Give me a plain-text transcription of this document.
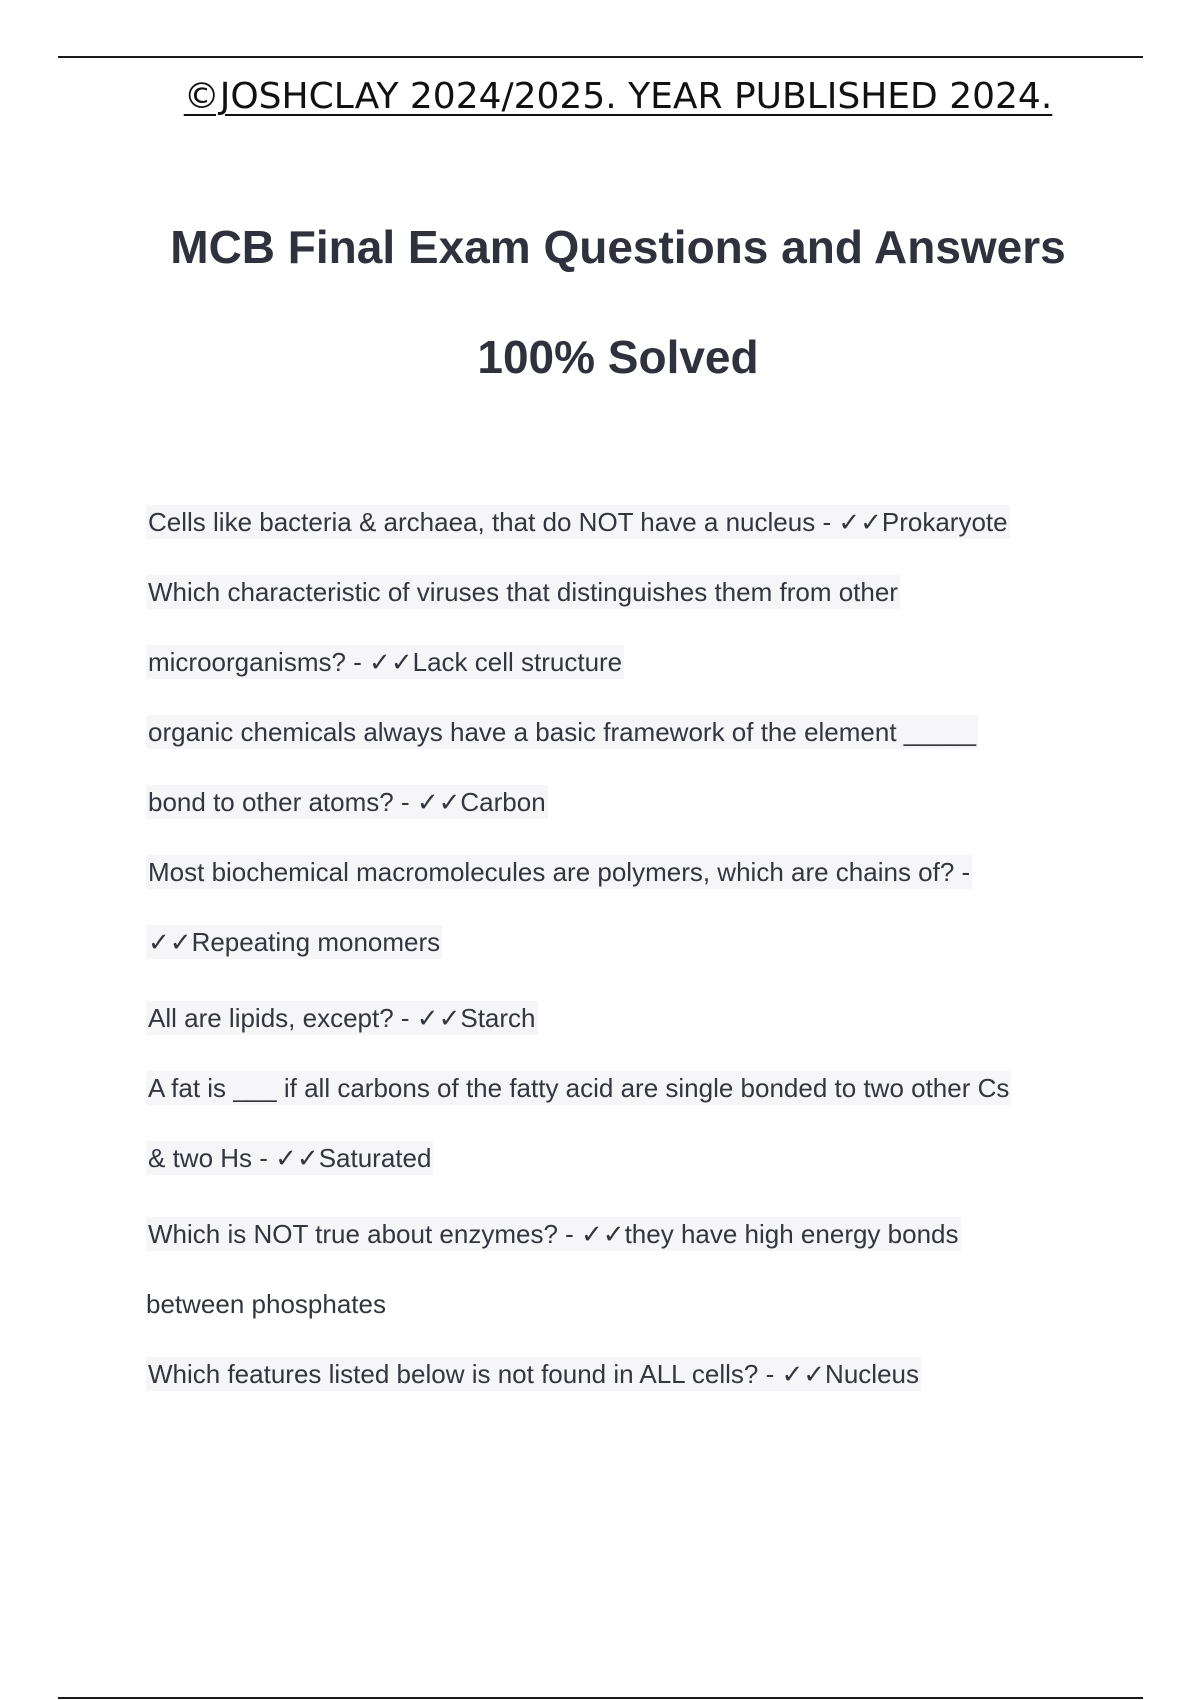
©JOSHCLAY 2024/2025. YEAR PUBLISHED 2024.
MCB Final Exam Questions and Answers
100% Solved
Cells like bacteria & archaea, that do NOT have a nucleus - ✓✓Prokaryote
Which characteristic of viruses that distinguishes them from other
microorganisms? - ✓✓Lack cell structure
organic chemicals always have a basic framework of the element _____
bond to other atoms? - ✓✓Carbon
Most biochemical macromolecules are polymers, which are chains of? -
✓✓Repeating monomers
All are lipids, except? - ✓✓Starch
A fat is ___ if all carbons of the fatty acid are single bonded to two other Cs
& two Hs - ✓✓Saturated
Which is NOT true about enzymes? - ✓✓they have high energy bonds
between phosphates
Which features listed below is not found in ALL cells? - ✓✓Nucleus
